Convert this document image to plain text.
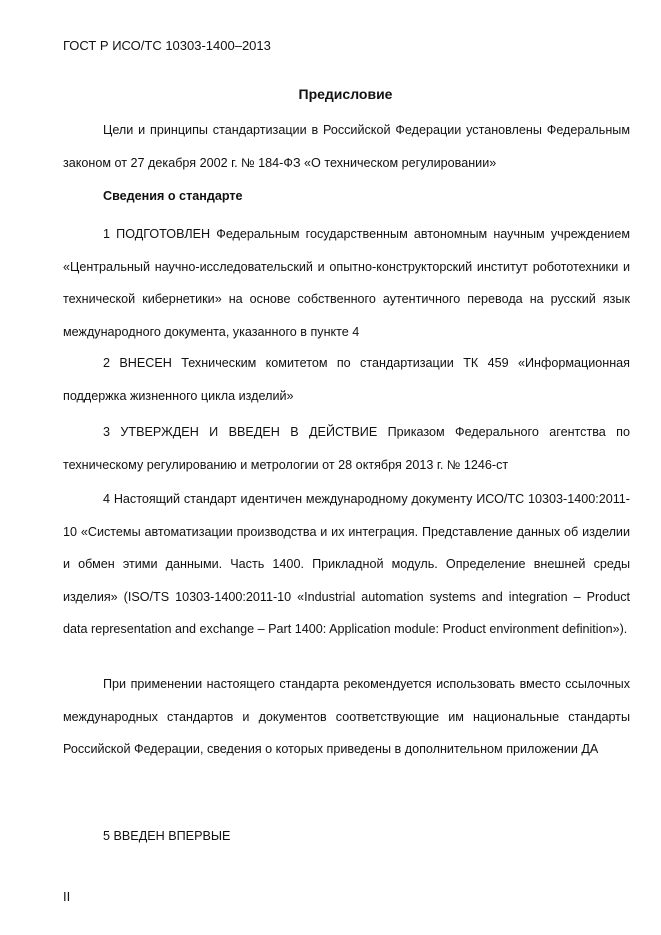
ГОСТ Р ИСО/ТС 10303-1400–2013
Предисловие

Цели и принципы стандартизации в Российской Федерации установлены Федеральным законом от 27 декабря 2002 г. № 184-ФЗ «О техническом регулировании»

Сведения о стандарте

1 ПОДГОТОВЛЕН Федеральным государственным автономным научным учреждением «Центральный научно-исследовательский и опытно-конструкторский институт робототехники и технической кибернетики» на основе собственного аутентичного перевода на русский язык международного документа, указанного в пункте 4

2 ВНЕСЕН Техническим комитетом по стандартизации ТК 459 «Информационная поддержка жизненного цикла изделий»

3 УТВЕРЖДЕН И ВВЕДЕН В ДЕЙСТВИЕ Приказом Федерального агентства по техническому регулированию и метрологии от 28 октября 2013 г. № 1246-ст

4 Настоящий стандарт идентичен международному документу ИСО/ТС 10303-1400:2011-10 «Системы автоматизации производства и их интеграция. Представление данных об изделии и обмен этими данными. Часть 1400. Прикладной модуль. Определение внешней среды изделия» (ISO/TS 10303-1400:2011-10 «Industrial automation systems and integration – Product data representation and exchange – Part 1400: Application module: Product environment definition»).

При применении настоящего стандарта рекомендуется использовать вместо ссылочных международных стандартов и документов соответствующие им национальные стандарты Российской Федерации, сведения о которых приведены в дополнительном приложении ДА

5 ВВЕДЕН ВПЕРВЫЕ

II
